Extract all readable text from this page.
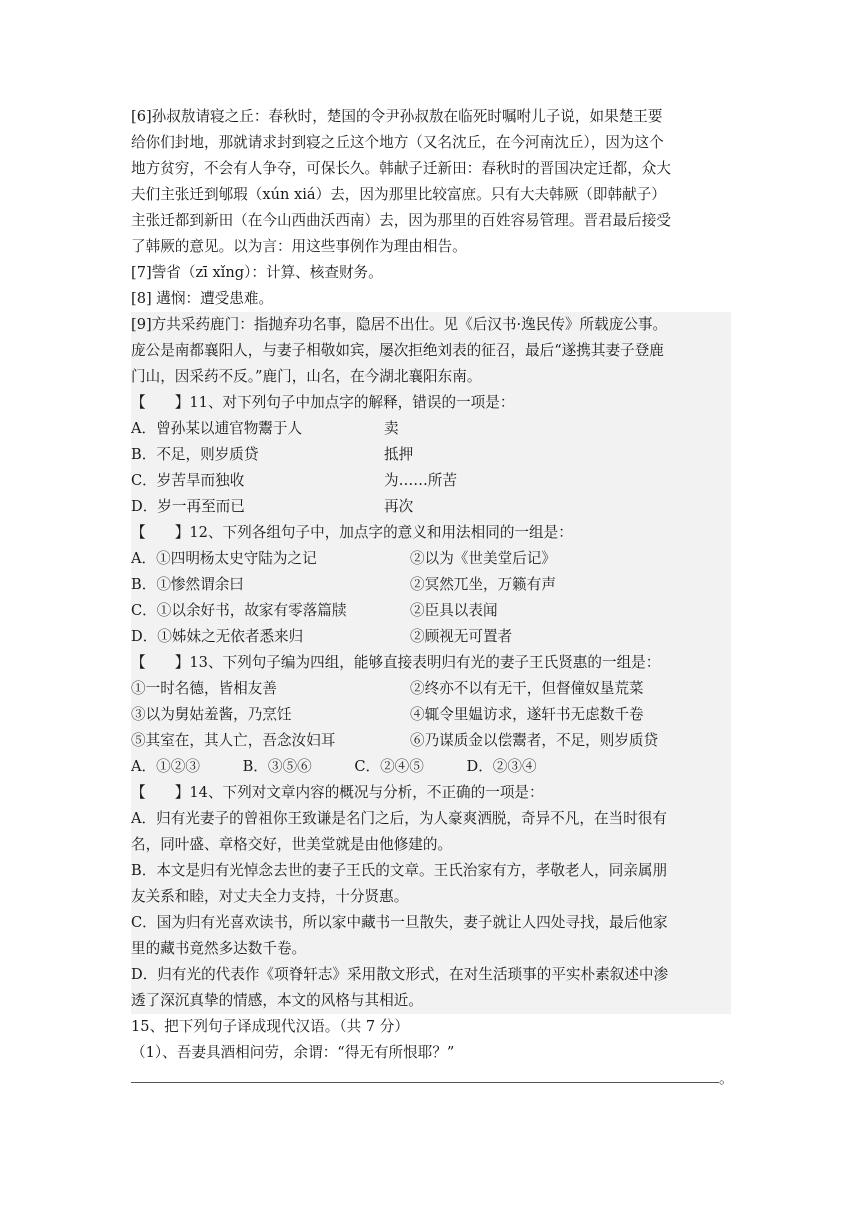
[6]孙叔敖请寝之丘：春秋时，楚国的令尹孙叔敖在临死时嘱咐儿子说，如果楚王要
给你们封地，那就请求封到寝之丘这个地方（又名沈丘，在今河南沈丘），因为这个
地方贫穷，不会有人争夺，可保长久。韩献子迁新田：春秋时的晋国决定迁都，众大
夫们主张迁到郇瑕（xún xiá）去，因为那里比较富庶。只有大夫韩厥（即韩献子）
主张迁都到新田（在今山西曲沃西南）去，因为那里的百姓容易管理。晋君最后接受
了韩厥的意见。以为言：用这些事例作为理由相告。
[7]訾省（zī xǐng）：计算、核查财务。
[8] 遘悯：遭受患难。
[9]方共采药鹿门：指抛弃功名事，隐居不出仕。见《后汉书·逸民传》所载庞公事。
庞公是南都襄阳人，与妻子相敬如宾，屡次拒绝刘表的征召，最后“遂携其妻子登鹿
门山，因采药不反。”鹿门，山名，在今湖北襄阳东南。
【　　】11、对下列句子中加点字的解释，错误的一项是：
A．曾孙某以逋官物鬻于人	卖
B．不足，则岁质贷	抵押
C．岁苦旱而独收	为……所苦
D．岁一再至而已	再次
【　　】12、下列各组句子中，加点字的意义和用法相同的一组是：
A．①四明杨太史守陆为之记	②以为《世美堂后记》
B．①惨然谓余曰	②冥然兀坐，万籁有声
C．①以余好书，故家有零落篇牍	②臣具以表闻
D．①姊妹之无依者悉来归	②顾视无可置者
【　　】13、下列句子编为四组，能够直接表明归有光的妻子王氏贤惠的一组是：
①一时名德，皆相友善	②终亦不以有无干，但督僮奴垦荒菜
③以为舅姑羞酱，乃烹饪	④辄令里媪访求，遂轩书无虑数千卷
⑤其室在，其人亡，吾念汝妇耳	⑥乃谋质金以偿鬻者，不足，则岁质贷
A．①②③	B．③⑤⑥	C．②④⑤	D．②③④
【　　】14、下列对文章内容的概况与分析，不正确的一项是：
A．归有光妻子的曾祖你王致谦是名门之后，为人豪爽洒脱，奇异不凡，在当时很有
名，同叶盛、章格交好，世美堂就是由他修建的。
B．本文是归有光悼念去世的妻子王氏的文章。王氏治家有方，孝敬老人，同亲属朋
友关系和睦，对丈夫全力支持，十分贤惠。
C．国为归有光喜欢读书，所以家中藏书一旦散失，妻子就让人四处寻找，最后他家
里的藏书竟然多达数千卷。
D．归有光的代表作《项脊轩志》采用散文形式，在对生活琐事的平实朴素叙述中渗
透了深沉真挚的情感，本文的风格与其相近。
15、把下列句子译成现代汉语。（共 7 分）
（1）、吾妻具酒相问劳，余谓：“得无有所恨耶？”
。
